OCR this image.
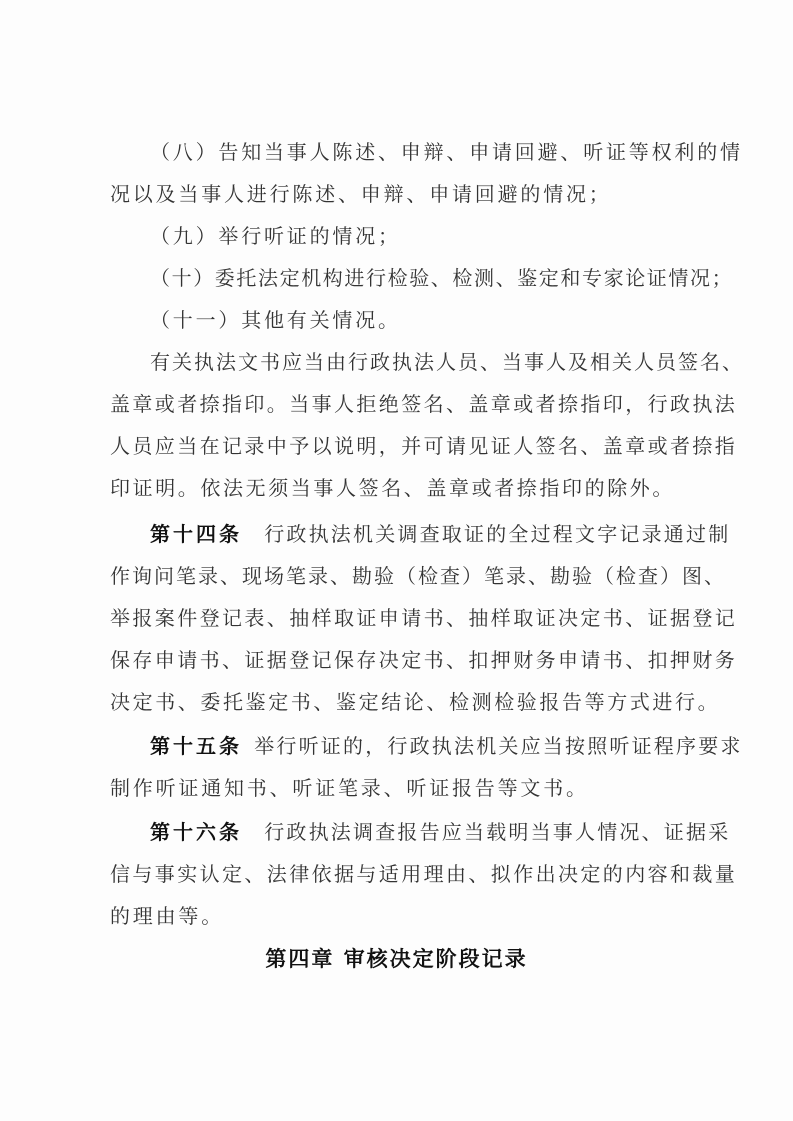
（八）告知当事人陈述、申辩、申请回避、听证等权利的情
况以及当事人进行陈述、申辩、申请回避的情况；
（九）举行听证的情况；
（十）委托法定机构进行检验、检测、鉴定和专家论证情况；
（十一）其他有关情况。
有关执法文书应当由行政执法人员、当事人及相关人员签名、
盖章或者捺指印。当事人拒绝签名、盖章或者捺指印，行政执法
人员应当在记录中予以说明，并可请见证人签名、盖章或者捺指
印证明。依法无须当事人签名、盖章或者捺指印的除外。
第十四条  行政执法机关调查取证的全过程文字记录通过制
作询问笔录、现场笔录、勘验（检查）笔录、勘验（检查）图、
举报案件登记表、抽样取证申请书、抽样取证决定书、证据登记
保存申请书、证据登记保存决定书、扣押财务申请书、扣押财务
决定书、委托鉴定书、鉴定结论、检测检验报告等方式进行。
第十五条  举行听证的，行政执法机关应当按照听证程序要求
制作听证通知书、听证笔录、听证报告等文书。
第十六条  行政执法调查报告应当载明当事人情况、证据采
信与事实认定、法律依据与适用理由、拟作出决定的内容和裁量
的理由等。
第四章 审核决定阶段记录
